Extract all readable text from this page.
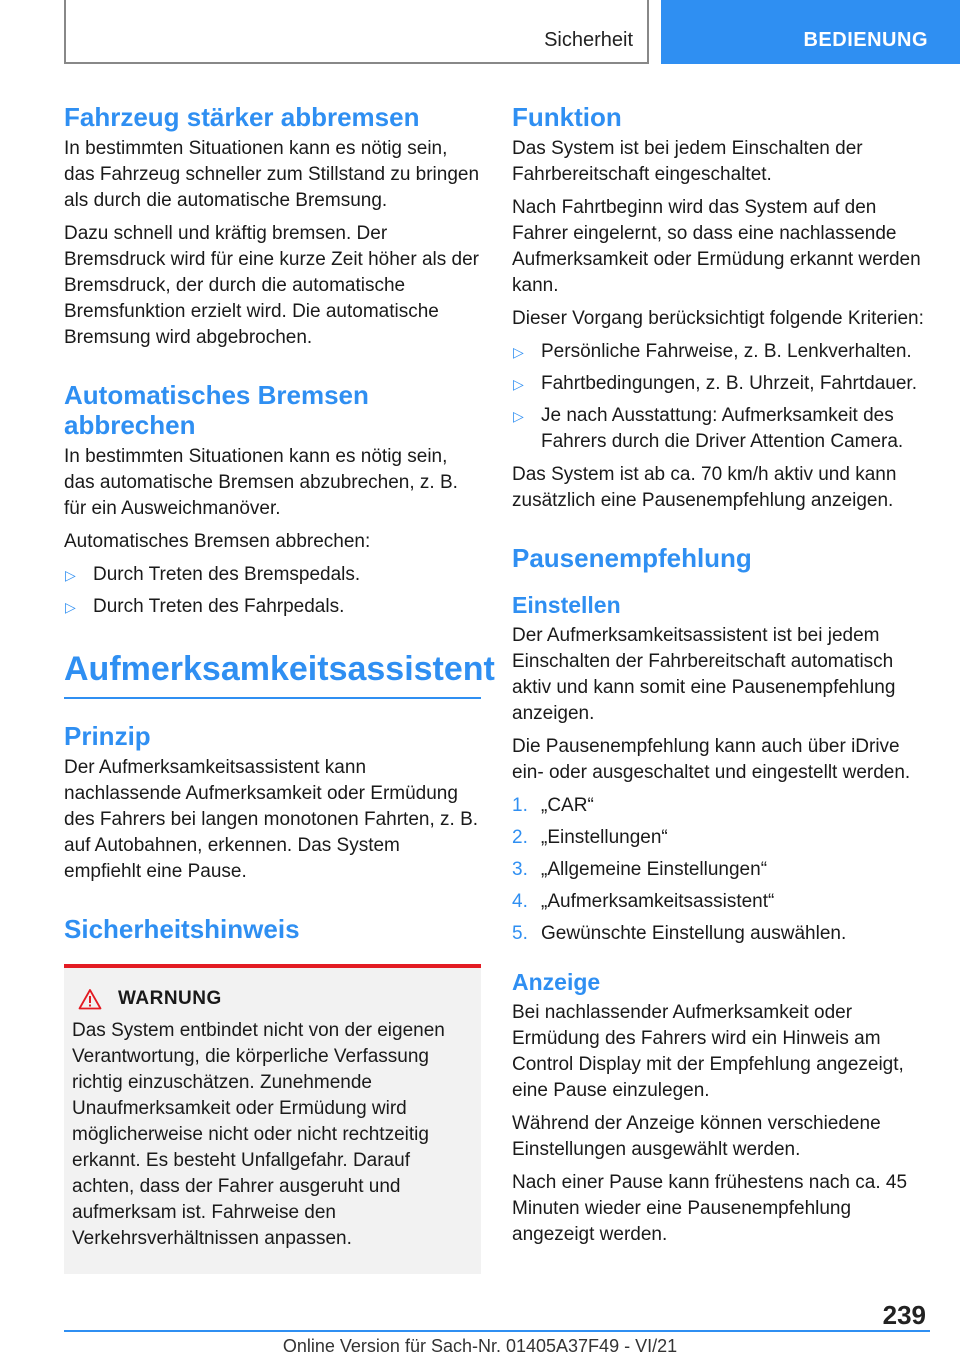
Sicherheit	BEDIENUNG
Fahrzeug stärker abbremsen

In bestimmten Situationen kann es nötig sein, das Fahrzeug schneller zum Stillstand zu bringen als durch die automatische Bremsung.

Dazu schnell und kräftig bremsen. Der Bremsdruck wird für eine kurze Zeit höher als der Bremsdruck, der durch die automatische Bremsfunktion erzielt wird. Die automatische Bremsung wird abgebrochen.

Automatisches Bremsen abbrechen

In bestimmten Situationen kann es nötig sein, das automatische Bremsen abzubrechen, z. B. für ein Ausweichmanöver.

Automatisches Bremsen abbrechen:

▷ Durch Treten des Bremspedals.
▷ Durch Treten des Fahrpedals.
Aufmerksamkeitsassistent
Prinzip

Der Aufmerksamkeitsassistent kann nachlassende Aufmerksamkeit oder Ermüdung des Fahrers bei langen monotonen Fahrten, z. B. auf Autobahnen, erkennen. Das System empfiehlt eine Pause.

Sicherheitshinweis
WARNUNG

Das System entbindet nicht von der eigenen Verantwortung, die körperliche Verfassung richtig einzuschätzen. Zunehmende Unaufmerksamkeit oder Ermüdung wird möglicherweise nicht oder nicht rechtzeitig erkannt. Es besteht Unfallgefahr. Darauf achten, dass der Fahrer ausgeruht und aufmerksam ist. Fahrweise den Verkehrsverhältnissen anpassen.

Funktion

Das System ist bei jedem Einschalten der Fahrbereitschaft eingeschaltet.

Nach Fahrtbeginn wird das System auf den Fahrer eingelernt, so dass eine nachlassende Aufmerksamkeit oder Ermüdung erkannt werden kann.

Dieser Vorgang berücksichtigt folgende Kriterien:

▷ Persönliche Fahrweise, z. B. Lenkverhalten.
▷ Fahrtbedingungen, z. B. Uhrzeit, Fahrtdauer.
▷ Je nach Ausstattung: Aufmerksamkeit des Fahrers durch die Driver Attention Camera.

Das System ist ab ca. 70 km/h aktiv und kann zusätzlich eine Pausenempfehlung anzeigen.

Pausenempfehlung
Einstellen

Der Aufmerksamkeitsassistent ist bei jedem Einschalten der Fahrbereitschaft automatisch aktiv und kann somit eine Pausenempfehlung anzeigen.

Die Pausenempfehlung kann auch über iDrive ein- oder ausgeschaltet und eingestellt werden.

1. „CAR“
2. „Einstellungen“
3. „Allgemeine Einstellungen“
4. „Aufmerksamkeitsassistent“
5. Gewünschte Einstellung auswählen.
Anzeige

Bei nachlassender Aufmerksamkeit oder Ermüdung des Fahrers wird ein Hinweis am Control Display mit der Empfehlung angezeigt, eine Pause einzulegen.

Während der Anzeige können verschiedene Einstellungen ausgewählt werden.

Nach einer Pause kann frühestens nach ca. 45 Minuten wieder eine Pausenempfehlung angezeigt werden.

239
Online Version für Sach-Nr. 01405A37F49 - VI/21
